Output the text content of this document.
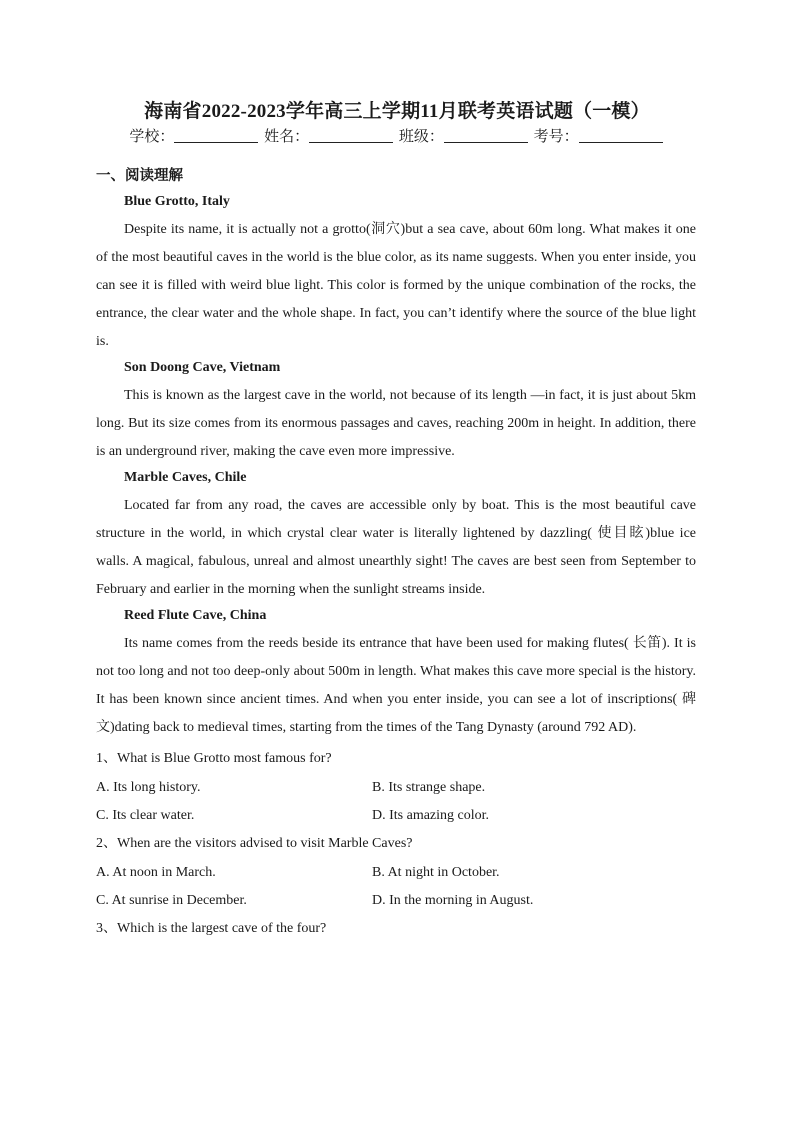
海南省2022-2023学年高三上学期11月联考英语试题（一模）
学校：	姓名：	班级：	考号：
一、阅读理解
Blue Grotto, Italy
Despite its name, it is actually not a grotto(洞穴)but a sea cave, about 60m long. What makes it one of the most beautiful caves in the world is the blue color, as its name suggests. When you enter inside, you can see it is filled with weird blue light. This color is formed by the unique combination of the rocks, the entrance, the clear water and the whole shape. In fact, you can’t identify where the source of the blue light is.
Son Doong Cave, Vietnam
This is known as the largest cave in the world, not because of its length —in fact, it is just about 5km long. But its size comes from its enormous passages and caves, reaching 200m in height. In addition, there is an underground river, making the cave even more impressive.
Marble Caves, Chile
Located far from any road, the caves are accessible only by boat. This is the most beautiful cave structure in the world, in which crystal clear water is literally lightened by dazzling( 使目眩)blue ice walls. A magical, fabulous, unreal and almost unearthly sight! The caves are best seen from September to February and earlier in the morning when the sunlight streams inside.
Reed Flute Cave, China
Its name comes from the reeds beside its entrance that have been used for making flutes( 长笛). It is not too long and not too deep-only about 500m in length. What makes this cave more special is the history. It has been known since ancient times. And when you enter inside, you can see a lot of inscriptions( 碑文)dating back to medieval times, starting from the times of the Tang Dynasty (around 792 AD).
1、What is Blue Grotto most famous for?
A. Its long history.	B. Its strange shape.
C. Its clear water.	D. Its amazing color.
2、When are the visitors advised to visit Marble Caves?
A. At noon in March.	B. At night in October.
C. At sunrise in December.	D. In the morning in August.
3、Which is the largest cave of the four?
